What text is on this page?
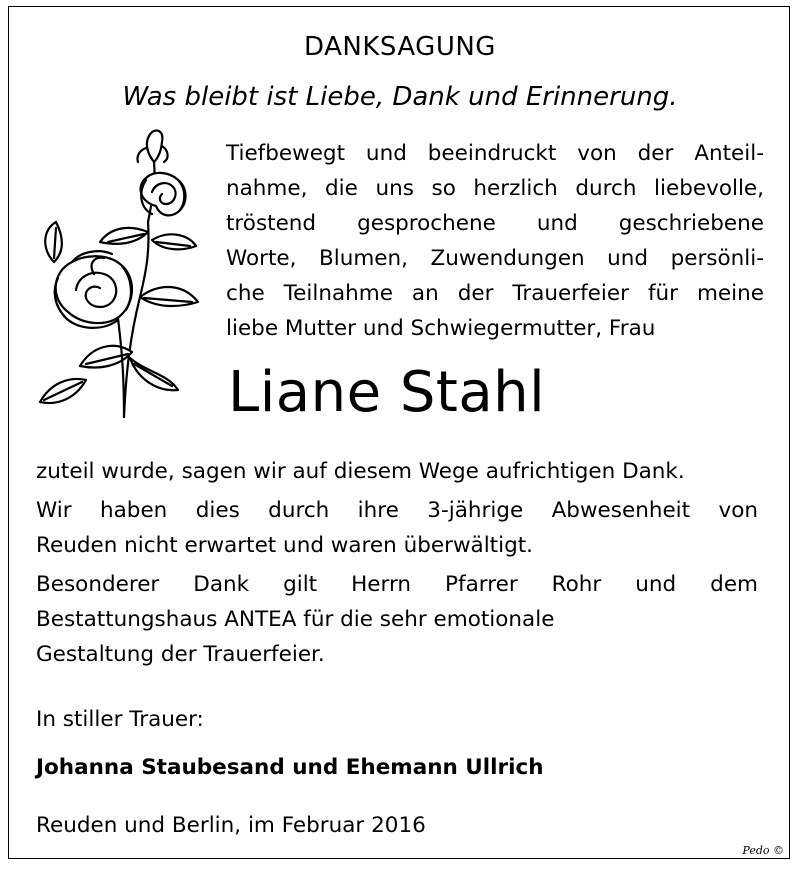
DANKSAGUNG
Was bleibt ist Liebe, Dank und Erinnerung.
Tiefbewegt und beeindruckt von der Anteil-
nahme, die uns so herzlich durch liebevolle,
tröstend gesprochene und geschriebene
Worte, Blumen, Zuwendungen und persönli-
che Teilnahme an der Trauerfeier für meine
liebe Mutter und Schwiegermutter, Frau
Liane Stahl
zuteil wurde, sagen wir auf diesem Wege aufrichtigen Dank.
Wir haben dies durch ihre 3-jährige Abwesenheit von
Reuden nicht erwartet und waren überwältigt.
Besonderer Dank gilt Herrn Pfarrer Rohr und dem
Bestattungshaus ANTEA für die sehr emotionale
Gestaltung der Trauerfeier.
In stiller Trauer:
Johanna Staubesand und Ehemann Ullrich
Reuden und Berlin, im Februar 2016
Pedo ©
